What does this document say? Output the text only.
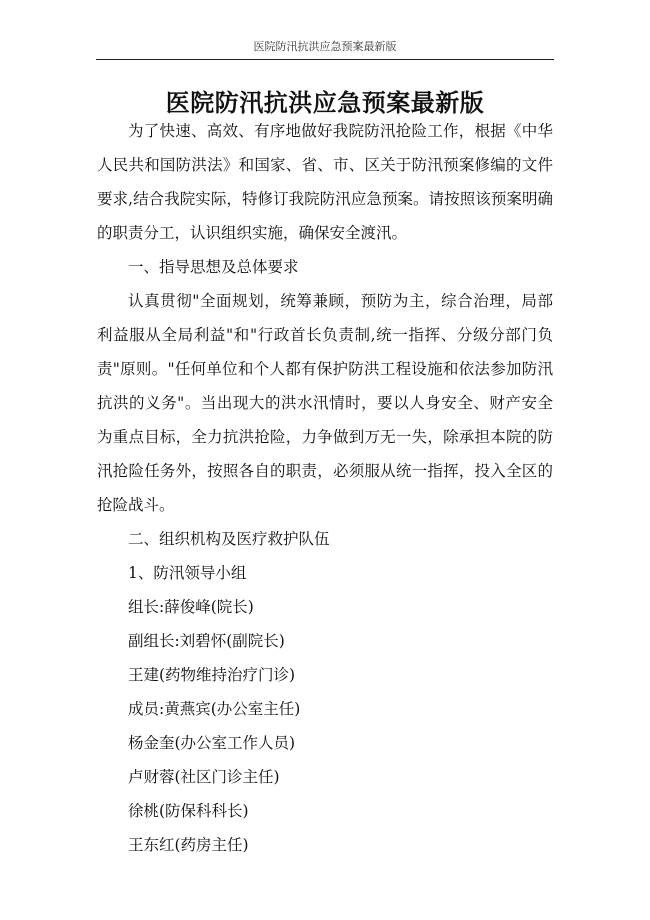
医院防汛抗洪应急预案最新版
医院防汛抗洪应急预案最新版

为了快速、高效、有序地做好我院防汛抢险工作，根据《中华人民共和国防洪法》和国家、省、市、区关于防汛预案修编的文件要求,结合我院实际，特修订我院防汛应急预案。请按照该预案明确的职责分工，认识组织实施，确保安全渡汛。

一、指导思想及总体要求

认真贯彻"全面规划，统筹兼顾，预防为主，综合治理，局部利益服从全局利益"和"行政首长负责制,统一指挥、分级分部门负责"原则。"任何单位和个人都有保护防洪工程设施和依法参加防汛抗洪的义务"。当出现大的洪水汛情时，要以人身安全、财产安全为重点目标，全力抗洪抢险，力争做到万无一失，除承担本院的防汛抢险任务外，按照各自的职责，必须服从统一指挥，投入全区的抢险战斗。

二、组织机构及医疗救护队伍

1、防汛领导小组

组长:薛俊峰(院长)

副组长:刘碧怀(副院长)

王建(药物维持治疗门诊)

成员:黄燕宾(办公室主任)

杨金奎(办公室工作人员)

卢财蓉(社区门诊主任)

徐桃(防保科科长)

王东红(药房主任)
